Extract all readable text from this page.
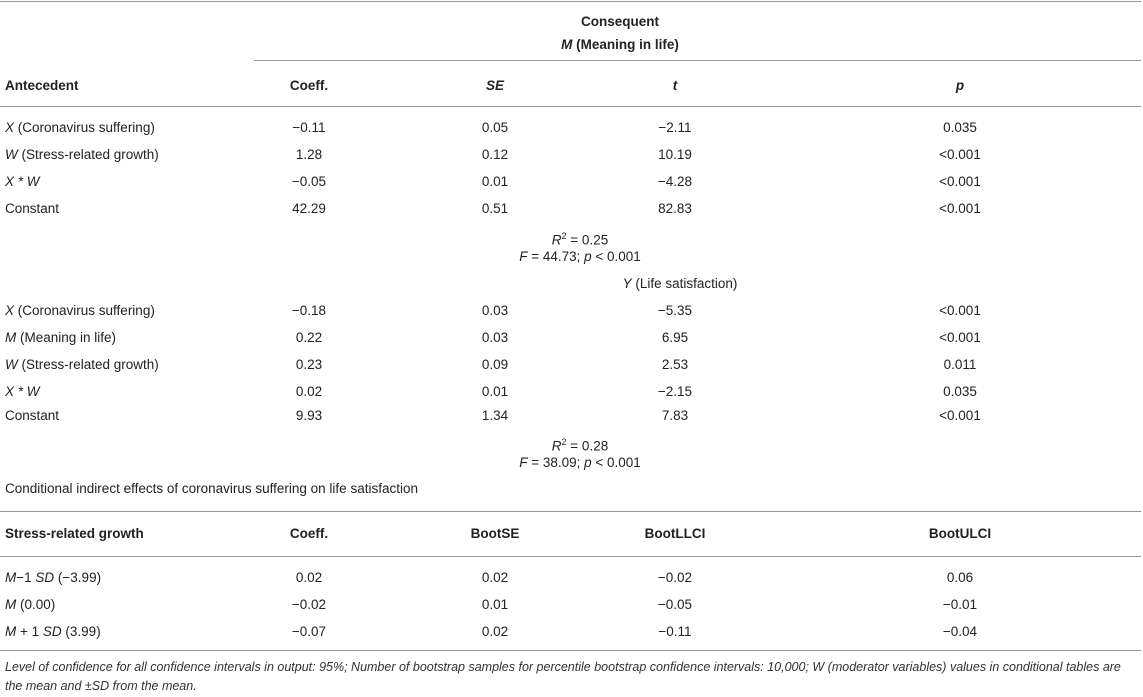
Consequent
M (Meaning in life)
Antecedent	Coeff.	SE	t	p
X (Coronavirus suffering)	−0.11	0.05	−2.11	0.035
W (Stress-related growth)	1.28	0.12	10.19	<0.001
X * W	−0.05	0.01	−4.28	<0.001
Constant	42.29	0.51	82.83	<0.001
$R^2 = 0.25$
F = 44.73; p < 0.001
Y (Life satisfaction)
X (Coronavirus suffering)	−0.18	0.03	−5.35	<0.001
M (Meaning in life)	0.22	0.03	6.95	<0.001
W (Stress-related growth)	0.23	0.09	2.53	0.011
X * W	0.02	0.01	−2.15	0.035
Constant	9.93	1.34	7.83	<0.001
$R^2 = 0.28$
F = 38.09; p < 0.001
Conditional indirect effects of coronavirus suffering on life satisfaction
Stress-related growth	Coeff.	BootSE	BootLLCI	BootULCI
M−1 SD (−3.99)	0.02	0.02	−0.02	0.06
M (0.00)	−0.02	0.01	−0.05	−0.01
M + 1 SD (3.99)	−0.07	0.02	−0.11	−0.04
Level of confidence for all confidence intervals in output: 95%; Number of bootstrap samples for percentile bootstrap confidence intervals: 10,000; W (moderator variables) values in conditional tables are the mean and ±SD from the mean.
